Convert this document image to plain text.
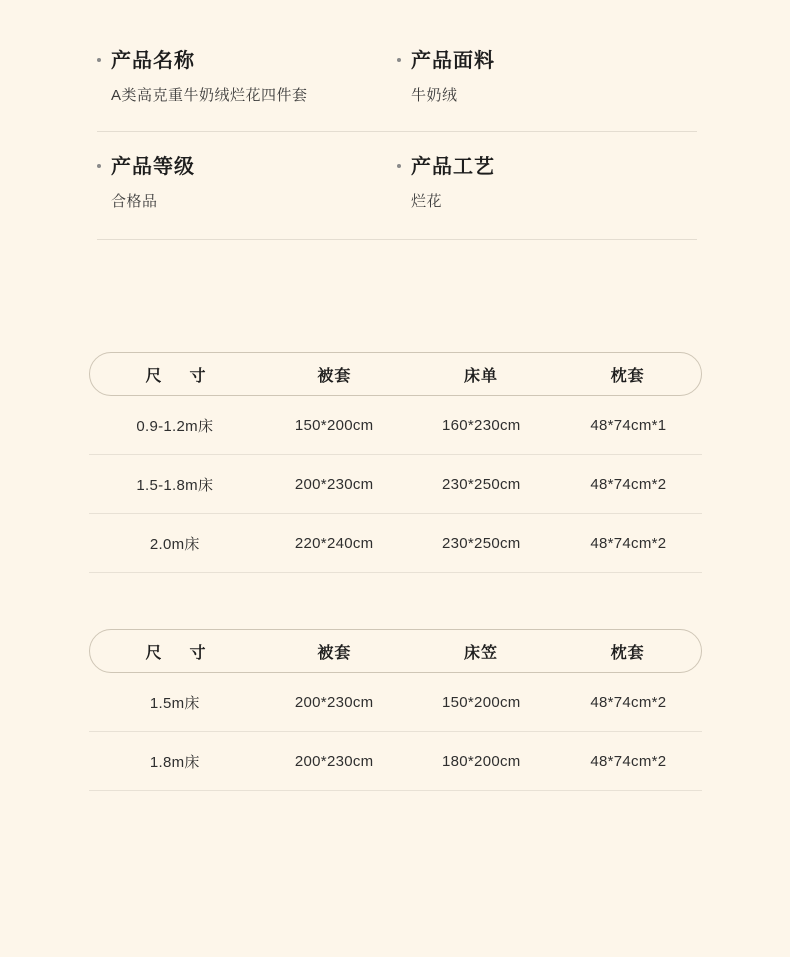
产品名称
A类高克重牛奶绒烂花四件套
产品面料
牛奶绒
产品等级
合格品
产品工艺
烂花
尺　寸	被套	床单	枕套
0.9-1.2m床	150*200cm	160*230cm	48*74cm*1
1.5-1.8m床	200*230cm	230*250cm	48*74cm*2
2.0m床	220*240cm	230*250cm	48*74cm*2
尺　寸	被套	床笠	枕套
1.5m床	200*230cm	150*200cm	48*74cm*2
1.8m床	200*230cm	180*200cm	48*74cm*2
